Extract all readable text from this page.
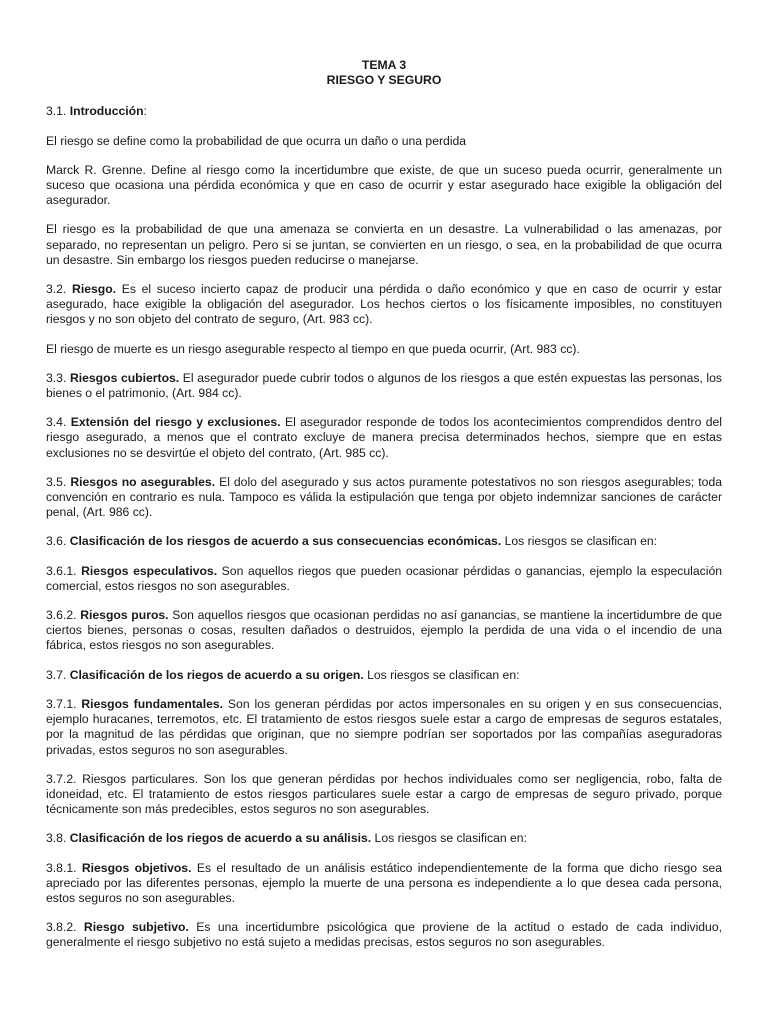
TEMA 3

RIESGO Y SEGURO

3.1. Introducción:

El riesgo se define como la probabilidad de que ocurra un daño o una perdida

Marck R. Grenne. Define al riesgo como la incertidumbre que existe, de que un suceso pueda ocurrir, generalmente un suceso que ocasiona una pérdida económica y que en caso de ocurrir y estar asegurado hace exigible la obligación del asegurador.

El riesgo es la probabilidad de que una amenaza se convierta en un desastre. La vulnerabilidad o las amenazas, por separado, no representan un peligro. Pero si se juntan, se convierten en un riesgo, o sea, en la probabilidad de que ocurra un desastre. Sin embargo los riesgos pueden reducirse o manejarse.

3.2. Riesgo. Es el suceso incierto capaz de producir una pérdida o daño económico y que en caso de ocurrir y estar asegurado, hace exigible la obligación del asegurador. Los hechos ciertos o los físicamente imposibles, no constituyen riesgos y no son objeto del contrato de seguro, (Art. 983 cc).

El riesgo de muerte es un riesgo asegurable respecto al tiempo en que pueda ocurrir, (Art. 983 cc).

3.3. Riesgos cubiertos. El asegurador puede cubrir todos o algunos de los riesgos a que estén expuestas las personas, los bienes o el patrimonio, (Art. 984 cc).

3.4. Extensión del riesgo y exclusiones. El asegurador responde de todos los acontecimientos comprendidos dentro del riesgo asegurado, a menos que el contrato excluye de manera precisa determinados hechos, siempre que en estas exclusiones no se desvirtúe el objeto del contrato, (Art. 985 cc).

3.5. Riesgos no asegurables. El dolo del asegurado y sus actos puramente potestativos no son riesgos asegurables; toda convención en contrario es nula. Tampoco es válida la estipulación que tenga por objeto indemnizar sanciones de carácter penal, (Art. 986 cc).

3.6. Clasificación de los riesgos de acuerdo a sus consecuencias económicas. Los riesgos se clasifican en:

3.6.1. Riesgos especulativos. Son aquellos riegos que pueden ocasionar pérdidas o ganancias, ejemplo la especulación comercial, estos riesgos no son asegurables.

3.6.2. Riesgos puros. Son aquellos riesgos que ocasionan perdidas no así ganancias, se mantiene la incertidumbre de que ciertos bienes, personas o cosas, resulten dañados o destruidos, ejemplo la perdida de una vida o el incendio de una fábrica, estos riesgos no son asegurables.

3.7. Clasificación de los riegos de acuerdo a su origen. Los riesgos se clasifican en:

3.7.1. Riesgos fundamentales. Son los generan pérdidas por actos impersonales en su origen y en sus consecuencias, ejemplo huracanes, terremotos, etc. El tratamiento de estos riesgos suele estar a cargo de empresas de seguros estatales, por la magnitud de las pérdidas que originan, que no siempre podrían ser soportados por las compañías aseguradoras privadas, estos seguros no son asegurables.

3.7.2. Riesgos particulares. Son los que generan pérdidas por hechos individuales como ser negligencia, robo, falta de idoneidad, etc. El tratamiento de estos riesgos particulares suele estar a cargo de empresas de seguro privado, porque técnicamente son más predecibles, estos seguros no son asegurables.

3.8. Clasificación de los riegos de acuerdo a su análisis. Los riesgos se clasifican en:

3.8.1. Riesgos objetivos. Es el resultado de un análisis estático independientemente de la forma que dicho riesgo sea apreciado por las diferentes personas, ejemplo la muerte de una persona es independiente a lo que desea cada persona, estos seguros no son asegurables.

3.8.2. Riesgo subjetivo. Es una incertidumbre psicológica que proviene de la actitud o estado de cada individuo, generalmente el riesgo subjetivo no está sujeto a medidas precisas, estos seguros no son asegurables.
